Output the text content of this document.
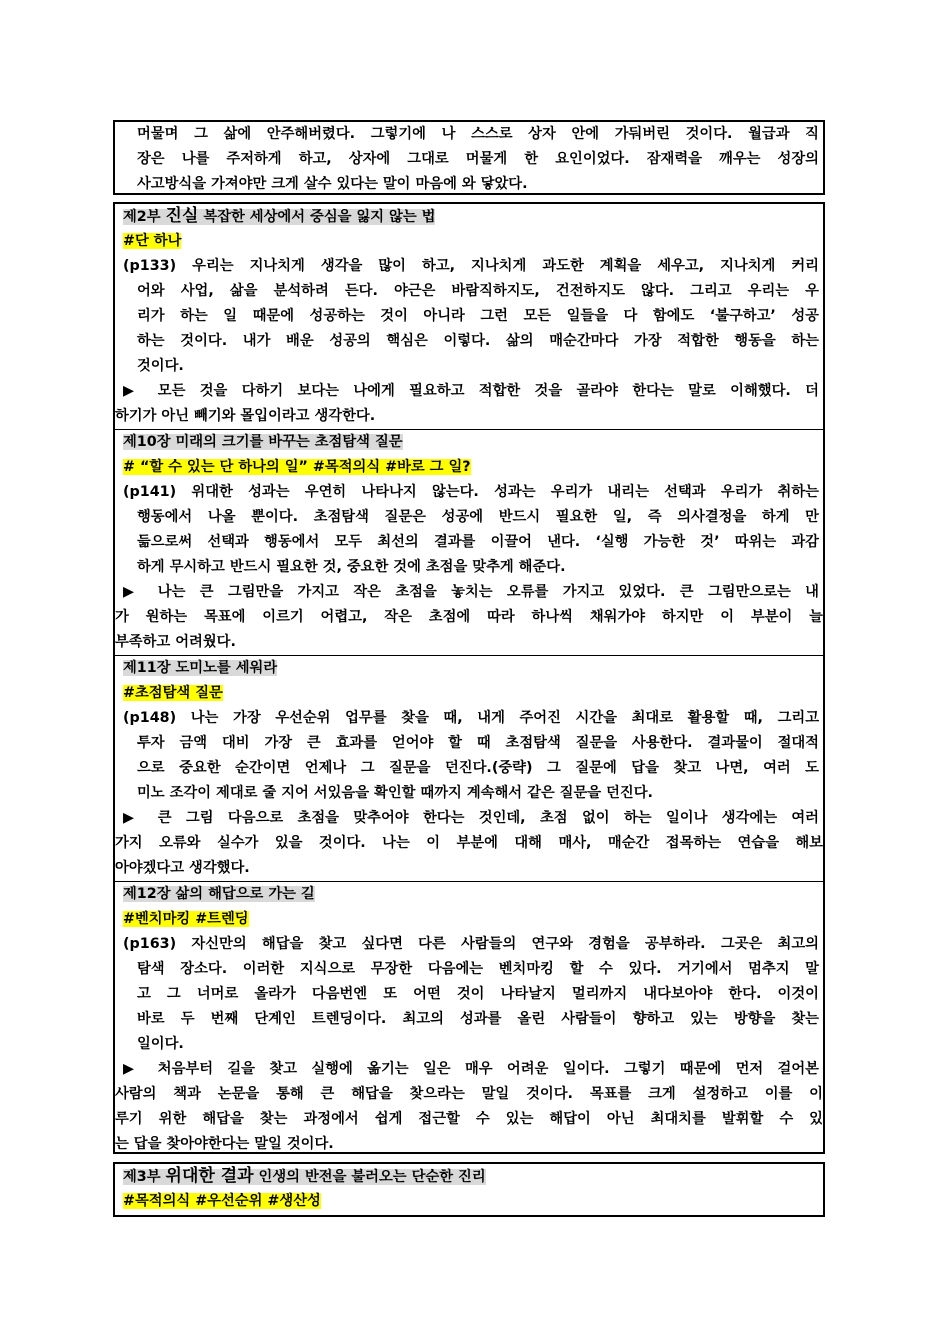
머물며 그 삶에 안주해버렸다. 그렇기에 나 스스로 상자 안에 가둬버린 것이다. 월급과 직
장은 나를 주저하게 하고, 상자에 그대로 머물게 한 요인이었다. 잠재력을 깨우는 성장의
사고방식을 가져야만 크게 살수 있다는 말이 마음에 와 닿았다.
제2부 진실 복잡한 세상에서 중심을 잃지 않는 법
#단 하나
(p133) 우리는 지나치게 생각을 많이 하고, 지나치게 과도한 계획을 세우고, 지나치게 커리
어와 사업, 삶을 분석하려 든다. 야근은 바람직하지도, 건전하지도 않다. 그리고 우리는 우
리가 하는 일 때문에 성공하는 것이 아니라 그런 모든 일들을 다 함에도 ‘불구하고’ 성공
하는 것이다. 내가 배운 성공의 핵심은 이렇다. 삶의 매순간마다 가장 적합한 행동을 하는
것이다.
▶ 모든 것을 다하기 보다는 나에게 필요하고 적합한 것을 골라야 한다는 말로 이해했다. 더
하기가 아닌 빼기와 몰입이라고 생각한다.
제10장 미래의 크기를 바꾸는 초점탐색 질문
# “할 수 있는 단 하나의 일” #목적의식 #바로 그 일?
(p141) 위대한 성과는 우연히 나타나지 않는다. 성과는 우리가 내리는 선택과 우리가 취하는
행동에서 나올 뿐이다. 초점탐색 질문은 성공에 반드시 필요한 일, 즉 의사결정을 하게 만
듦으로써 선택과 행동에서 모두 최선의 결과를 이끌어 낸다. ‘실행 가능한 것’ 따위는 과감
하게 무시하고 반드시 필요한 것, 중요한 것에 초점을 맞추게 해준다.
▶ 나는 큰 그림만을 가지고 작은 초점을 놓치는 오류를 가지고 있었다. 큰 그림만으로는 내
가 원하는 목표에 이르기 어렵고, 작은 초점에 따라 하나씩 채워가야 하지만 이 부분이 늘
부족하고 어려웠다.
제11장 도미노를 세워라
#초점탐색 질문
(p148) 나는 가장 우선순위 업무를 찾을 때, 내게 주어진 시간을 최대로 활용할 때, 그리고
투자 금액 대비 가장 큰 효과를 얻어야 할 때 초점탐색 질문을 사용한다. 결과물이 절대적
으로 중요한 순간이면 언제나 그 질문을 던진다.(중략) 그 질문에 답을 찾고 나면, 여러 도
미노 조각이 제대로 줄 지어 서있음을 확인할 때까지 계속해서 같은 질문을 던진다.
▶ 큰 그림 다음으로 초점을 맞추어야 한다는 것인데, 초점 없이 하는 일이나 생각에는 여러
가지 오류와 실수가 있을 것이다. 나는 이 부분에 대해 매사, 매순간 접목하는 연습을 해보
아야겠다고 생각했다.
제12장 삶의 해답으로 가는 길
#벤치마킹 #트렌딩
(p163) 자신만의 해답을 찾고 싶다면 다른 사람들의 연구와 경험을 공부하라. 그곳은 최고의
탐색 장소다. 이러한 지식으로 무장한 다음에는 벤치마킹 할 수 있다. 거기에서 멈추지 말
고 그 너머로 올라가 다음번엔 또 어떤 것이 나타날지 멀리까지 내다보아야 한다. 이것이
바로 두 번째 단계인 트렌딩이다. 최고의 성과를 올린 사람들이 향하고 있는 방향을 찾는
일이다.
▶ 처음부터 길을 찾고 실행에 옮기는 일은 매우 어려운 일이다. 그렇기 때문에 먼저 걸어본
사람의 책과 논문을 통해 큰 해답을 찾으라는 말일 것이다. 목표를 크게 설정하고 이를 이
루기 위한 해답을 찾는 과정에서 쉽게 접근할 수 있는 해답이 아닌 최대치를 발휘할 수 있
는 답을 찾아야한다는 말일 것이다.
제3부 위대한 결과 인생의 반전을 불러오는 단순한 진리
#목적의식 #우선순위 #생산성
